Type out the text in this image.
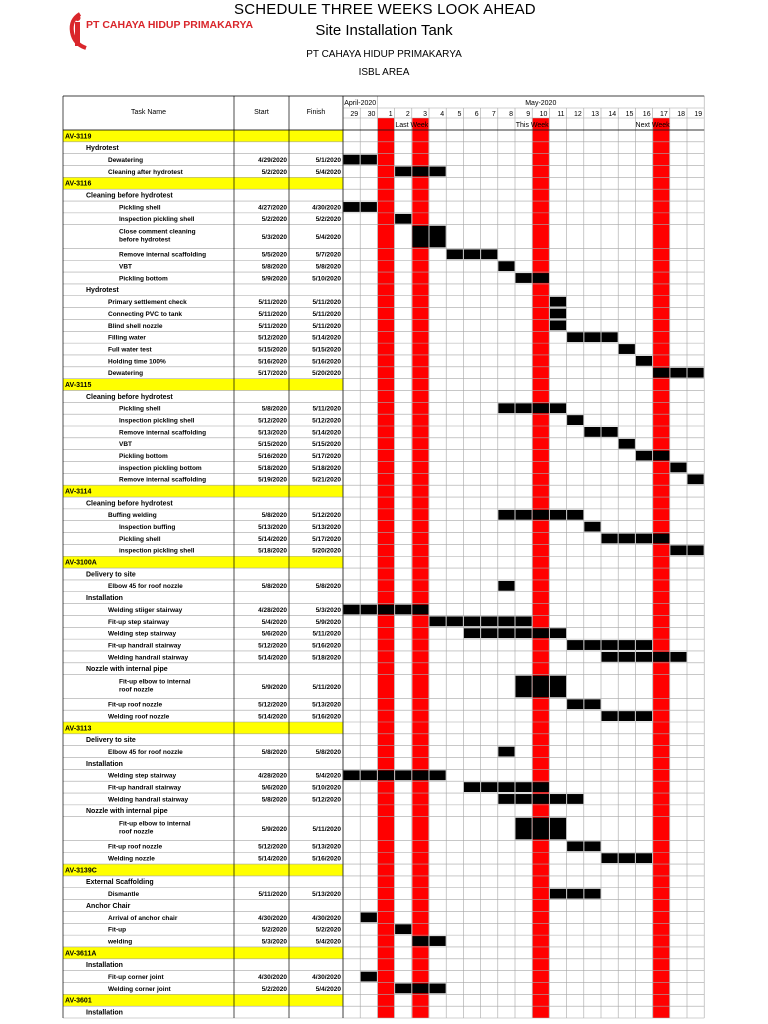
PT CAHAYA HIDUP PRIMAKARYA
SCHEDULE THREE WEEKS LOOK AHEAD
Site Installation Tank
PT CAHAYA HIDUP PRIMAKARYA
ISBL AREA
Task Name	Start	Finish
April-2020	May-2020
29 30 1 2 3 4 5 6 7 8 9 10 11 12 13 14 15 16 17 18 19
Last Week	This Week	Next Week
AV-3119
Hydrotest
Dewatering	4/29/2020	5/1/2020
Cleaning after hydrotest	5/2/2020	5/4/2020
AV-3116
Cleaning before hydrotest
Pickling shell	4/27/2020	4/30/2020
Inspection pickling shell	5/2/2020	5/2/2020
Close comment cleaning before hydrotest	5/3/2020	5/4/2020
Remove internal scaffolding	5/5/2020	5/7/2020
VBT	5/8/2020	5/8/2020
Pickling bottom	5/9/2020	5/10/2020
Hydrotest
Primary settlement check	5/11/2020	5/11/2020
Connecting PVC to tank	5/11/2020	5/11/2020
Blind shell nozzle	5/11/2020	5/11/2020
Filling water	5/12/2020	5/14/2020
Full water test	5/15/2020	5/15/2020
Holding time 100%	5/16/2020	5/16/2020
Dewatering	5/17/2020	5/20/2020
AV-3115
Cleaning before hydrotest
Pickling shell	5/8/2020	5/11/2020
Inspection pickling shell	5/12/2020	5/12/2020
Remove internal scaffolding	5/13/2020	5/14/2020
VBT	5/15/2020	5/15/2020
Pickling bottom	5/16/2020	5/17/2020
inspection pickling bottom	5/18/2020	5/18/2020
Remove internal scaffolding	5/19/2020	5/21/2020
AV-3114
Cleaning before hydrotest
Buffing welding	5/8/2020	5/12/2020
Inspection buffing	5/13/2020	5/13/2020
Pickling shell	5/14/2020	5/17/2020
inspection pickling shell	5/18/2020	5/20/2020
AV-3100A
Delivery to site
Elbow 45 for roof nozzle	5/8/2020	5/8/2020
Installation
Welding stiiger stairway	4/28/2020	5/3/2020
Fit-up step stairway	5/4/2020	5/9/2020
Welding step stairway	5/6/2020	5/11/2020
Fit-up handrail stairway	5/12/2020	5/16/2020
Welding handrail stairway	5/14/2020	5/18/2020
Nozzle with internal pipe
Fit-up elbow to internal roof nozzle	5/9/2020	5/11/2020
Fit-up roof nozzle	5/12/2020	5/13/2020
Welding roof nozzle	5/14/2020	5/16/2020
AV-3113
Delivery to site
Elbow 45 for roof nozzle	5/8/2020	5/8/2020
Installation
Welding step stairway	4/28/2020	5/4/2020
Fit-up handrail stairway	5/6/2020	5/10/2020
Welding handrail stairway	5/8/2020	5/12/2020
Nozzle with internal pipe
Fit-up elbow to internal roof nozzle	5/9/2020	5/11/2020
Fit-up roof nozzle	5/12/2020	5/13/2020
Welding nozzle	5/14/2020	5/16/2020
AV-3139C
External Scaffolding
Dismantle	5/11/2020	5/13/2020
Anchor Chair
Arrival of anchor chair	4/30/2020	4/30/2020
Fit-up	5/2/2020	5/2/2020
welding	5/3/2020	5/4/2020
AV-3611A
Installation
Fit-up corner joint	4/30/2020	4/30/2020
Welding corner joint	5/2/2020	5/4/2020
AV-3601
Installation
